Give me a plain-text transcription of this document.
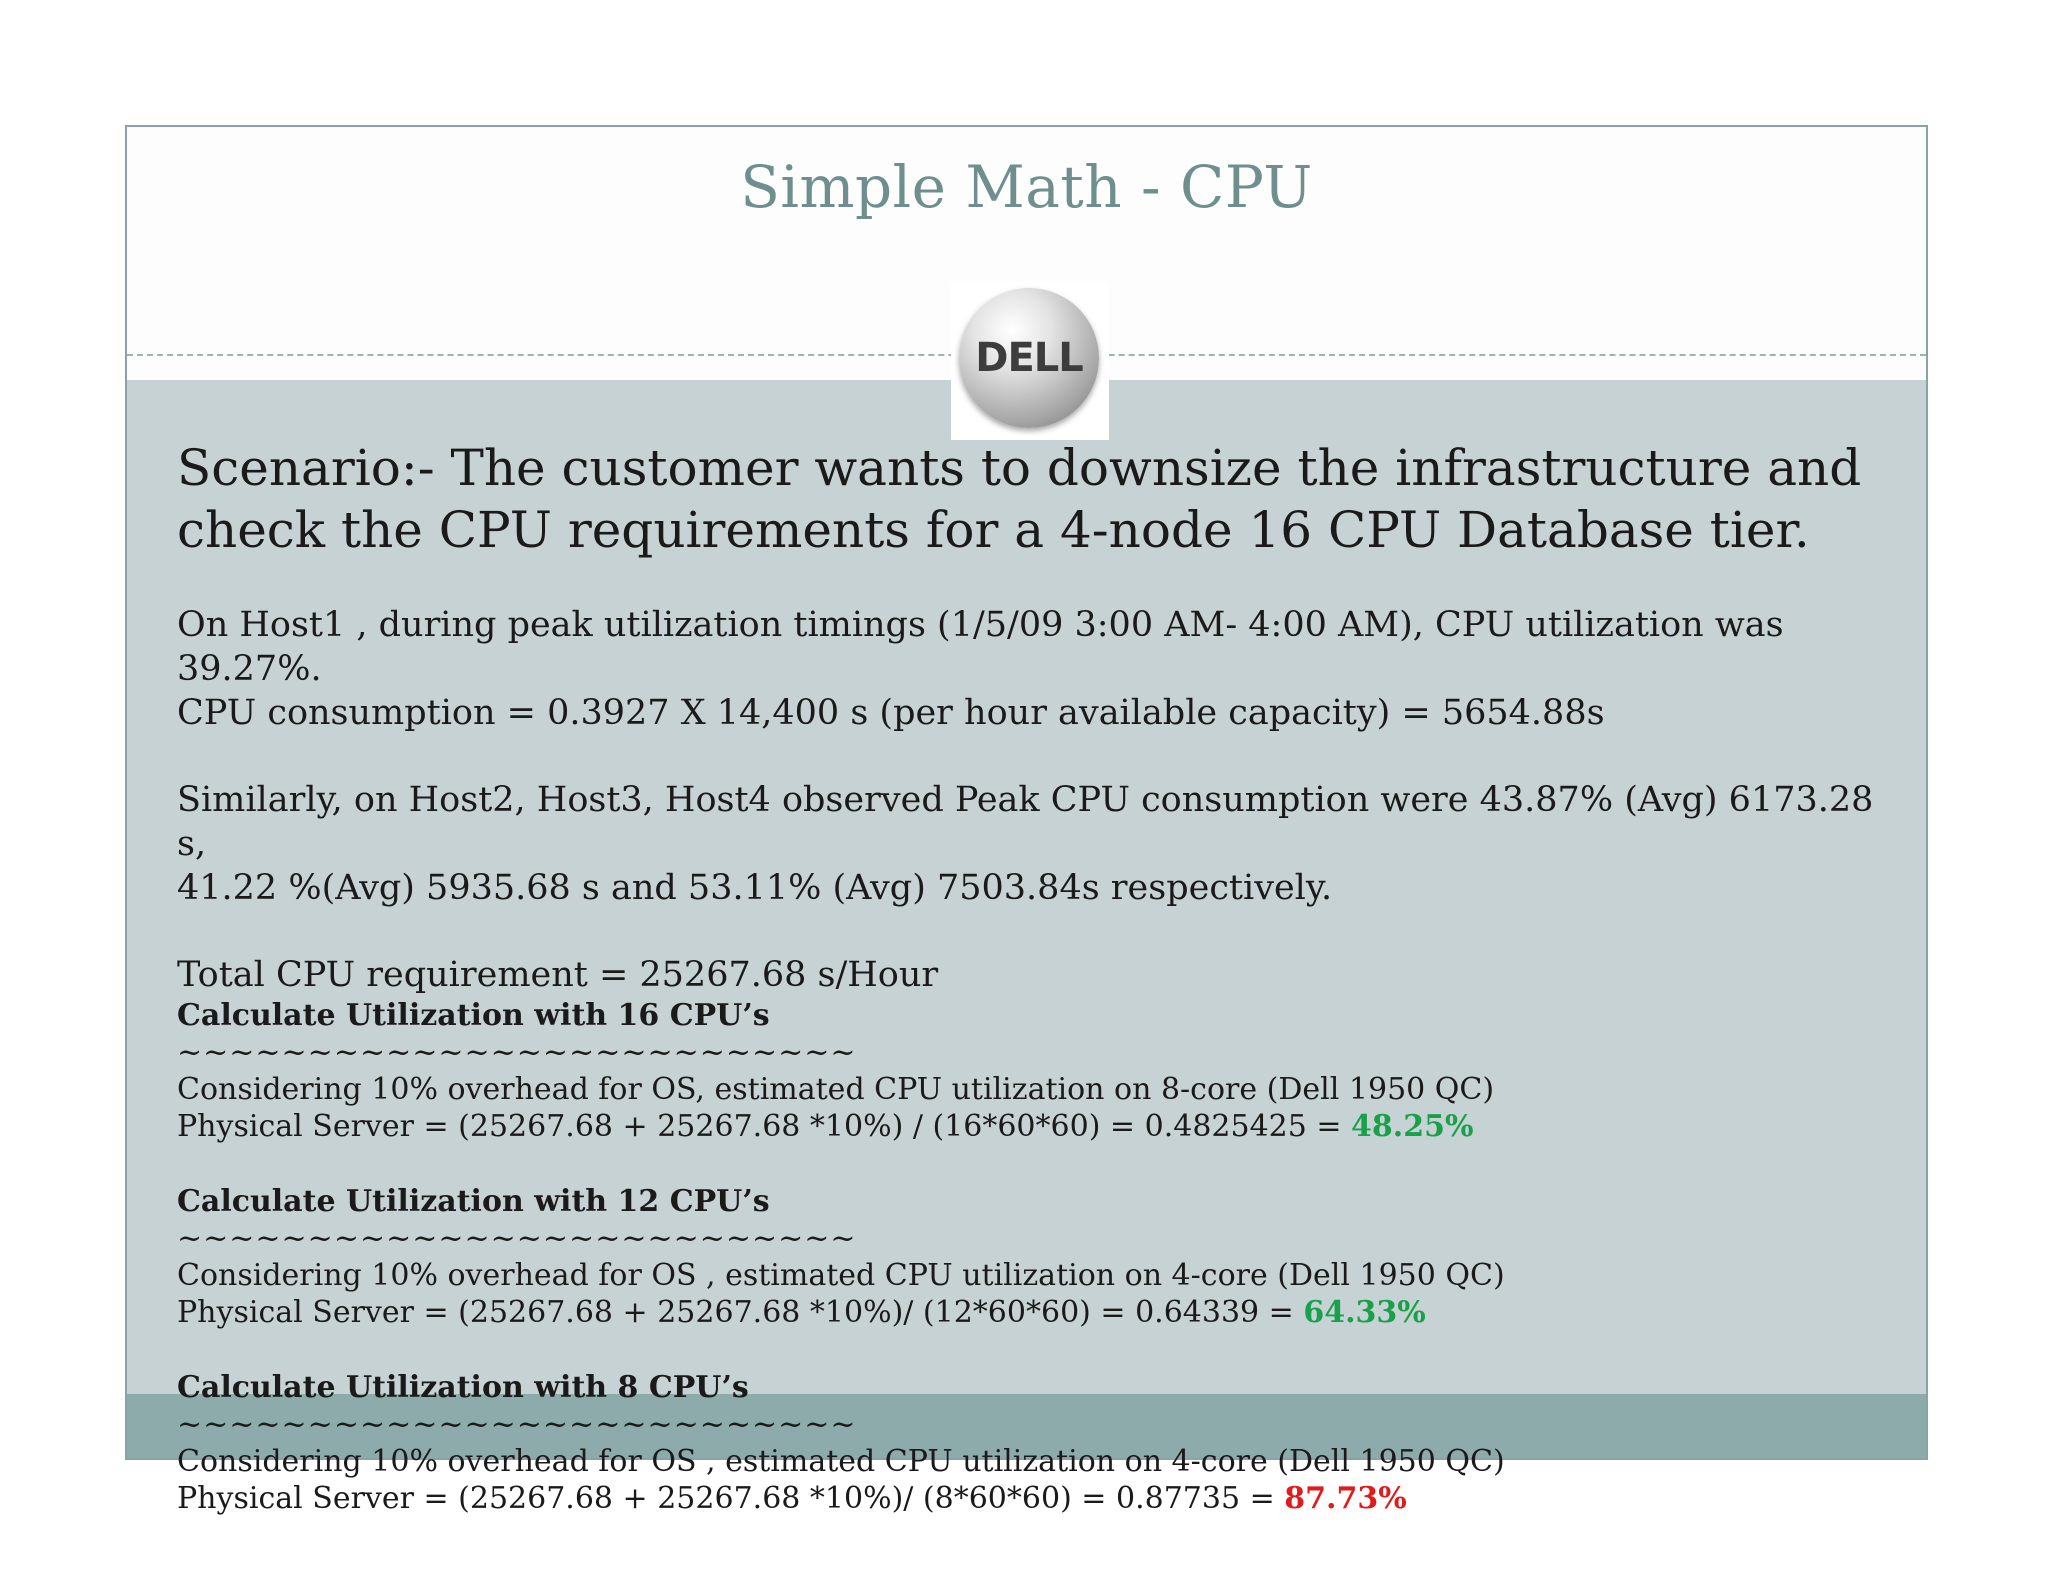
Simple Math - CPU
DELL

Scenario:- The customer wants to downsize the infrastructure and check the CPU requirements for a 4-node 16 CPU Database tier.

On Host1 , during peak utilization timings (1/5/09 3:00 AM- 4:00 AM), CPU utilization was 39.27%.

CPU consumption = 0.3927 X 14,400 s (per hour available capacity) = 5654.88s

Similarly, on Host2, Host3, Host4 observed Peak CPU consumption were 43.87% (Avg) 6173.28 s,

41.22 %(Avg) 5935.68 s and 53.11% (Avg) 7503.84s respectively.

Total CPU requirement = 25267.68 s/Hour

Calculate Utilization with 16 CPU’s

~~~~~~~~~~~~~~~~~~~~~~~~~~

Considering 10% overhead for OS, estimated CPU utilization on 8-core (Dell 1950 QC)

Physical Server = (25267.68 + 25267.68 *10%) / (16*60*60) = 0.4825425 = 48.25%

Calculate Utilization with 12 CPU’s

~~~~~~~~~~~~~~~~~~~~~~~~~~

Considering 10% overhead for OS , estimated CPU utilization on 4-core (Dell 1950 QC)

Physical Server = (25267.68 + 25267.68 *10%)/ (12*60*60) = 0.64339 = 64.33%

Calculate Utilization with 8 CPU’s

~~~~~~~~~~~~~~~~~~~~~~~~~~

Considering 10% overhead for OS , estimated CPU utilization on 4-core (Dell 1950 QC)

Physical Server = (25267.68 + 25267.68 *10%)/ (8*60*60) = 0.87735 = 87.73%
